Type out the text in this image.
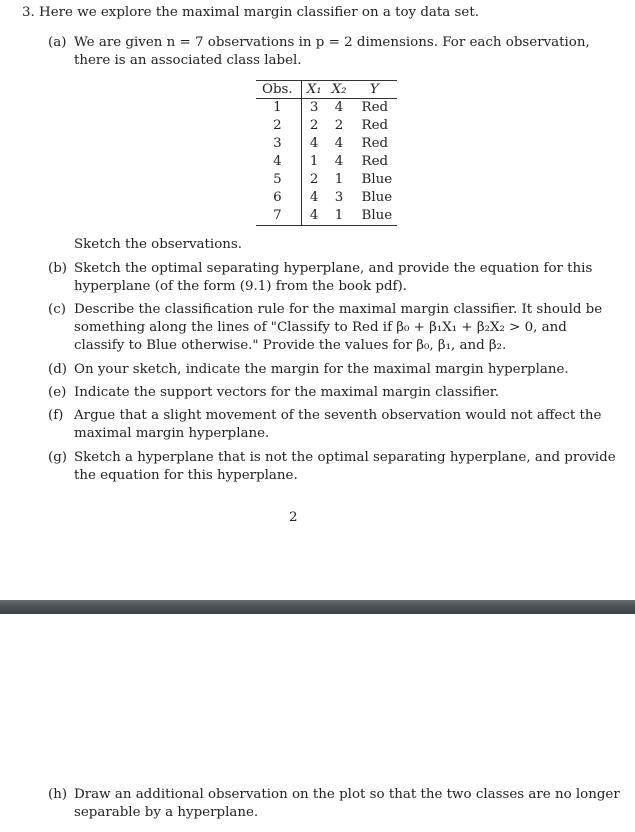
3. Here we explore the maximal margin classifier on a toy data set.
(a) We are given n = 7 observations in p = 2 dimensions. For each observation,
there is an associated class label.
Obs.	X₁	X₂	Y
1	3	4	Red
2	2	2	Red
3	4	4	Red
4	1	4	Red
5	2	1	Blue
6	4	3	Blue
7	4	1	Blue
Sketch the observations.
(b) Sketch the optimal separating hyperplane, and provide the equation for this
hyperplane (of the form (9.1) from the book pdf).
(c) Describe the classification rule for the maximal margin classifier. It should be
something along the lines of "Classify to Red if β₀ + β₁X₁ + β₂X₂ > 0, and
classify to Blue otherwise." Provide the values for β₀, β₁, and β₂.
(d) On your sketch, indicate the margin for the maximal margin hyperplane.
(e) Indicate the support vectors for the maximal margin classifier.
(f) Argue that a slight movement of the seventh observation would not affect the
maximal margin hyperplane.
(g) Sketch a hyperplane that is not the optimal separating hyperplane, and provide
the equation for this hyperplane.
2
(h) Draw an additional observation on the plot so that the two classes are no longer
separable by a hyperplane.
